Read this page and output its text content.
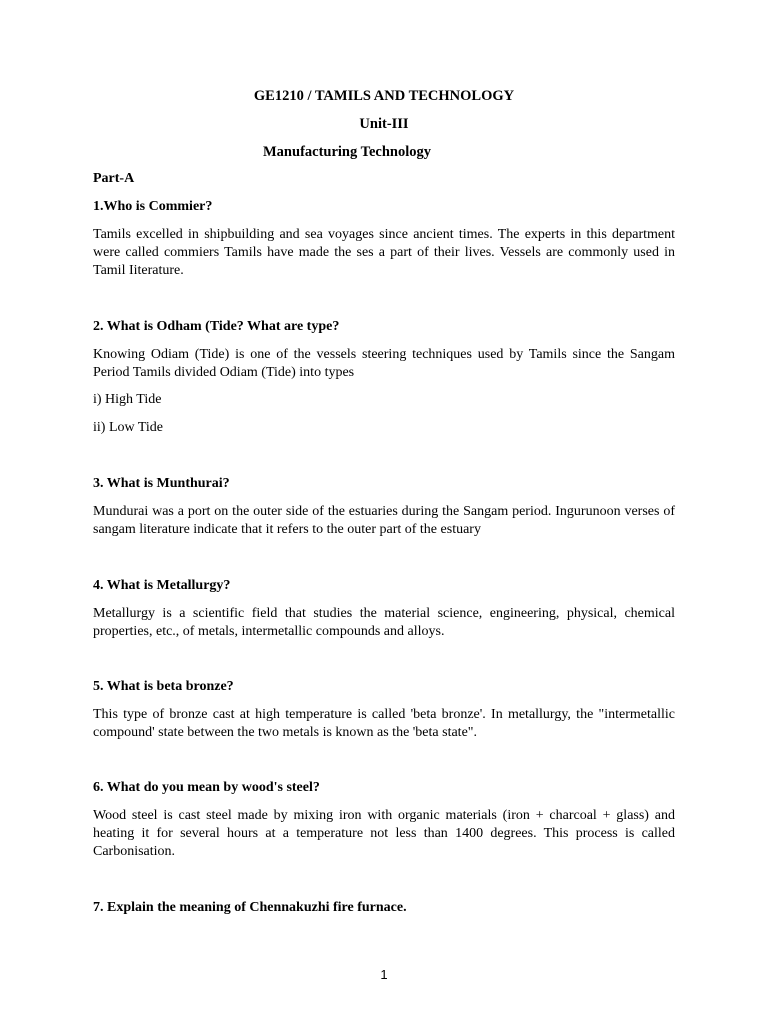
GE1210 / TAMILS AND TECHNOLOGY
Unit-III
Manufacturing Technology
Part-A
1.Who is Commier?
Tamils excelled in shipbuilding and sea voyages since ancient times. The experts in this department were called commiers Tamils have made the ses a part of their lives. Vessels are commonly used in Tamil Iiterature.
2. What is Odham (Tide? What are type?
Knowing Odiam (Tide) is one of the vessels steering techniques used by Tamils since the Sangam Period Tamils divided Odiam (Tide) into types
i) High Tide
ii) Low Tide
3. What is Munthurai?
Mundurai was a port on the outer side of the estuaries during the Sangam period. Ingurunoon verses of sangam literature indicate that it refers to the outer part of the estuary
4. What is Metallurgy?
Metallurgy is a scientific field that studies the material science, engineering, physical, chemical properties, etc., of metals, intermetallic compounds and alloys.
5. What is beta bronze?
This type of bronze cast at high temperature is called 'beta bronze'. In metallurgy, the "intermetallic compound' state between the two metals is known as the 'beta state".
6. What do you mean by wood's steel?
Wood steel is cast steel made by mixing iron with organic materials (iron + charcoal + glass) and heating it for several hours at a temperature not less than 1400 degrees. This process is called Carbonisation.
7. Explain the meaning of Chennakuzhi fire furnace.
1
